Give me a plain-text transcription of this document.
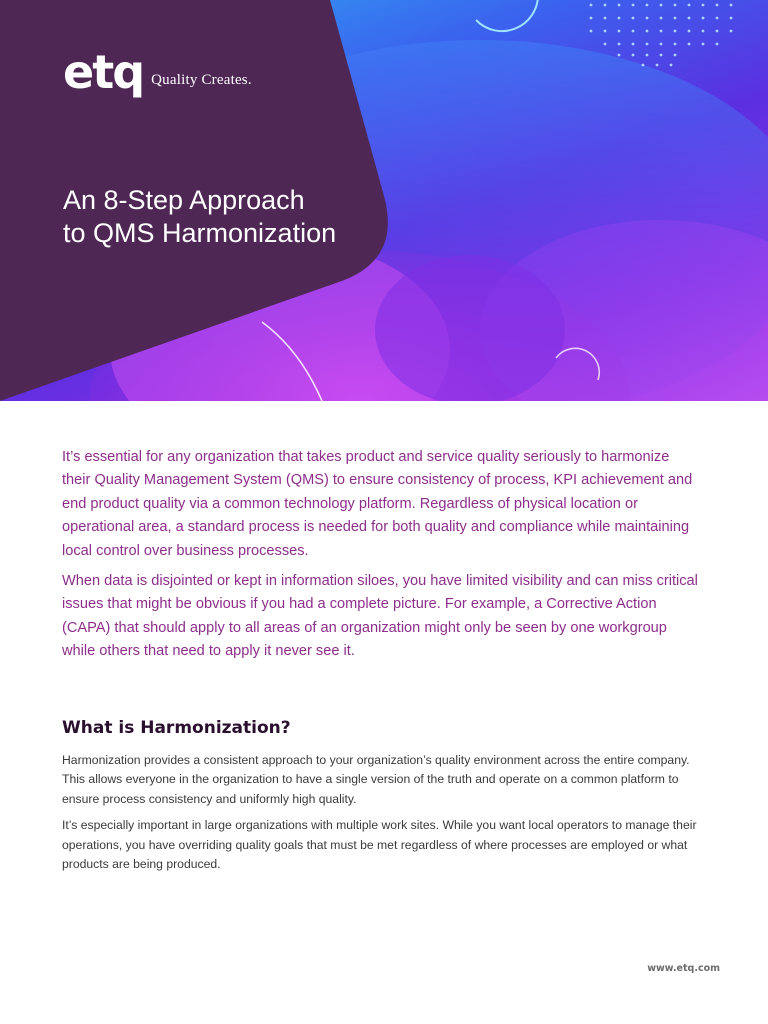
etq Quality Creates.
An 8-Step Approach
to QMS Harmonization

It’s essential for any organization that takes product and service quality seriously to harmonize their Quality Management System (QMS) to ensure consistency of process, KPI achievement and end product quality via a common technology platform. Regardless of physical location or operational area, a standard process is needed for both quality and compliance while maintaining local control over business processes.

When data is disjointed or kept in information siloes, you have limited visibility and can miss critical issues that might be obvious if you had a complete picture. For example, a Corrective Action (CAPA) that should apply to all areas of an organization might only be seen by one workgroup while others that need to apply it never see it.

What is Harmonization?

Harmonization provides a consistent approach to your organization’s quality environment across the entire company. This allows everyone in the organization to have a single version of the truth and operate on a common platform to ensure process consistency and uniformly high quality.

It’s especially important in large organizations with multiple work sites. While you want local operators to manage their operations, you have overriding quality goals that must be met regardless of where processes are employed or what products are being produced.

www.etq.com
